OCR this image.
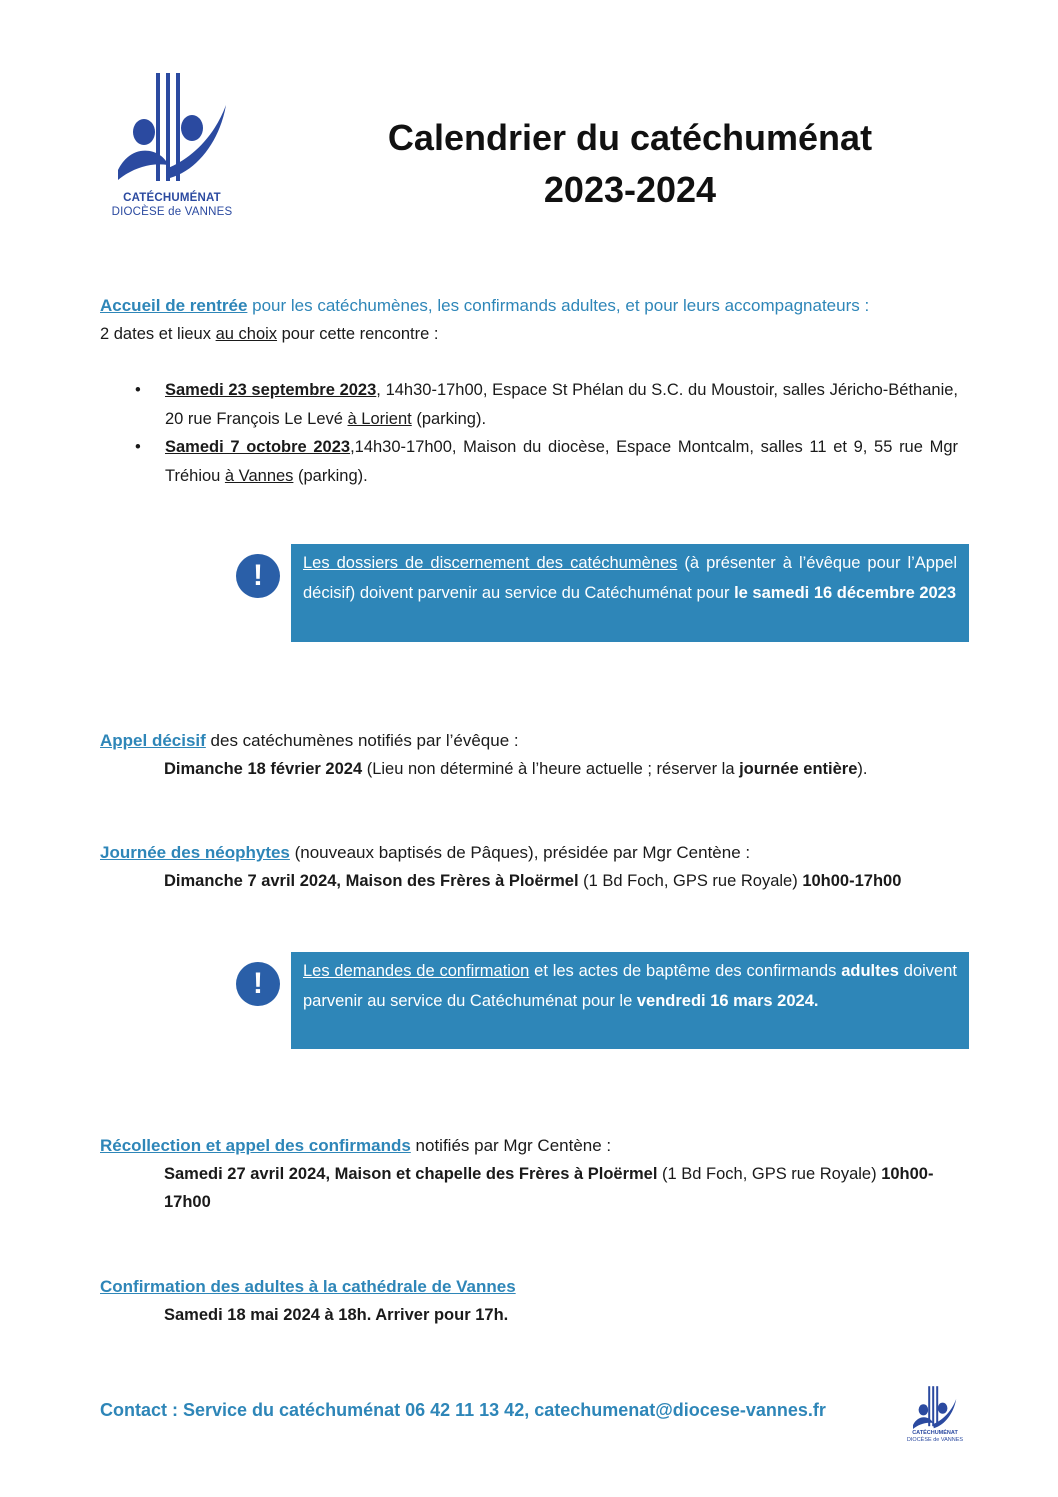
CATÉCHUMÉNAT
DIOCÈSE de VANNES
Calendrier du catéchuménat
2023-2024
Accueil de rentrée pour les catéchumènes, les confirmands adultes, et pour leurs accompagnateurs :
2 dates et lieux au choix pour cette rencontre :
• Samedi 23 septembre 2023, 14h30-17h00, Espace St Phélan du S.C. du Moustoir, salles Jéricho-Béthanie, 20 rue François Le Levé à Lorient (parking).
• Samedi 7 octobre 2023,14h30-17h00, Maison du diocèse, Espace Montcalm, salles 11 et 9, 55 rue Mgr Tréhiou à Vannes (parking).
!	Les dossiers de discernement des catéchumènes (à présenter à l’évêque pour l’Appel décisif) doivent parvenir au service du Catéchuménat pour le samedi 16 décembre 2023
Appel décisif des catéchumènes notifiés par l’évêque :
Dimanche 18 février 2024 (Lieu non déterminé à l’heure actuelle ; réserver la journée entière).
Journée des néophytes (nouveaux baptisés de Pâques), présidée par Mgr Centène :
Dimanche 7 avril 2024, Maison des Frères à Ploërmel (1 Bd Foch, GPS rue Royale) 10h00-17h00
!	Les demandes de confirmation et les actes de baptême des confirmands adultes doivent parvenir au service du Catéchuménat pour le vendredi 16 mars 2024.
Récollection et appel des confirmands notifiés par Mgr Centène :
Samedi 27 avril 2024, Maison et chapelle des Frères à Ploërmel (1 Bd Foch, GPS rue Royale) 10h00-17h00
Confirmation des adultes à la cathédrale de Vannes
Samedi 18 mai 2024 à 18h. Arriver pour 17h.
Contact : Service du catéchuménat 06 42 11 13 42, catechumenat@diocese-vannes.fr
CATÉCHUMÉNAT
DIOCÈSE de VANNES
